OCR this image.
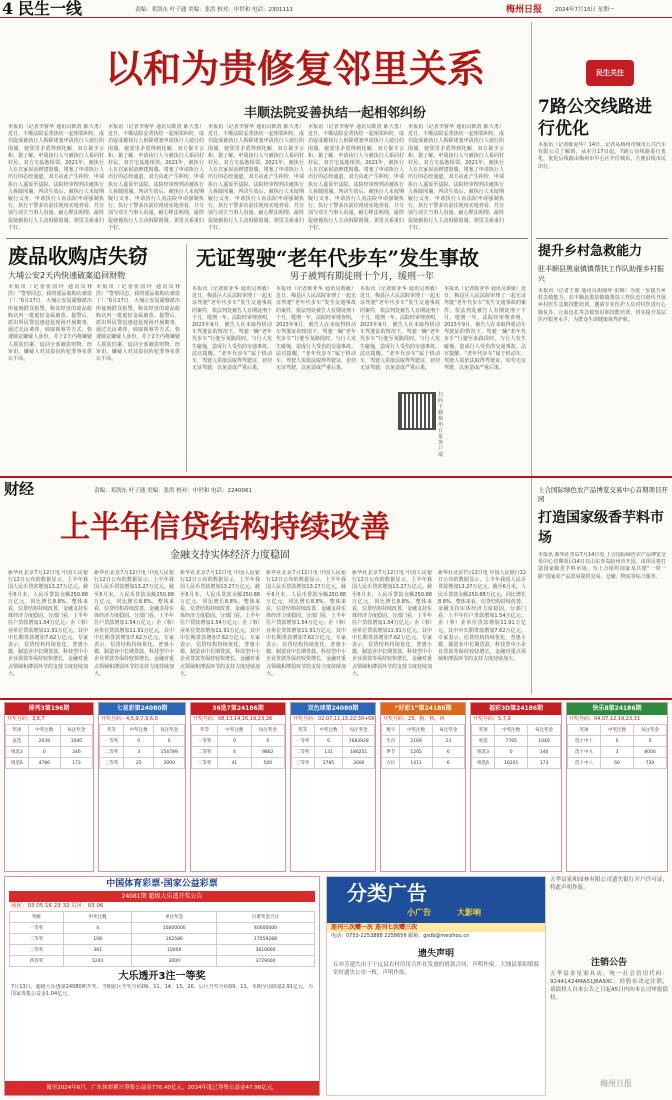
4 民生一线	责编：邓凯东 叶子通 美编：张洪 校对：申世和 电话：2301111	梅州日报 2024年7月15日 星期一
以和为贵修复邻里关系
丰顺法院妥善执结一起相邻纠纷
本报讯（记者李睿华 通讯员欧清 陈大勇）近日，丰顺法院妥善执结一起相邻纠纷，成功促成被执行人拆除堵塞申请执行人通行的围墙，使邻里矛盾得到化解，双方握手言和。据了解，申请执行人与被执行人系同村村民，双方宅基地相邻。2021年，被执行人在自家屋前修建围墙，堵塞了申请执行人出行的必经通道，双方由此产生纠纷，申请执行人遂诉至法院。法院经审理判决被执行人拆除围墙。判决生效后，被执行人未按期履行义务，申请执行人向法院申请强制执行。执行干警多次前往现场实地查看，并分别与双方当事人沟通，耐心释法明理，最终促使被执行人主动拆除围墙，邻里关系重归于好。
本报讯（记者李睿华 通讯员欧清 陈大勇）近日，丰顺法院妥善执结一起相邻纠纷，成功促成被执行人拆除堵塞申请执行人通行的围墙，使邻里矛盾得到化解，双方握手言和。据了解，申请执行人与被执行人系同村村民，双方宅基地相邻。2021年，被执行人在自家屋前修建围墙，堵塞了申请执行人出行的必经通道，双方由此产生纠纷，申请执行人遂诉至法院。法院经审理判决被执行人拆除围墙。判决生效后，被执行人未按期履行义务，申请执行人向法院申请强制执行。执行干警多次前往现场实地查看，并分别与双方当事人沟通，耐心释法明理，最终促使被执行人主动拆除围墙，邻里关系重归于好。
本报讯（记者李睿华 通讯员欧清 陈大勇）近日，丰顺法院妥善执结一起相邻纠纷，成功促成被执行人拆除堵塞申请执行人通行的围墙，使邻里矛盾得到化解，双方握手言和。据了解，申请执行人与被执行人系同村村民，双方宅基地相邻。2021年，被执行人在自家屋前修建围墙，堵塞了申请执行人出行的必经通道，双方由此产生纠纷，申请执行人遂诉至法院。法院经审理判决被执行人拆除围墙。判决生效后，被执行人未按期履行义务，申请执行人向法院申请强制执行。执行干警多次前往现场实地查看，并分别与双方当事人沟通，耐心释法明理，最终促使被执行人主动拆除围墙，邻里关系重归于好。
本报讯（记者李睿华 通讯员欧清 陈大勇）近日，丰顺法院妥善执结一起相邻纠纷，成功促成被执行人拆除堵塞申请执行人通行的围墙，使邻里矛盾得到化解，双方握手言和。据了解，申请执行人与被执行人系同村村民，双方宅基地相邻。2021年，被执行人在自家屋前修建围墙，堵塞了申请执行人出行的必经通道，双方由此产生纠纷，申请执行人遂诉至法院。法院经审理判决被执行人拆除围墙。判决生效后，被执行人未按期履行义务，申请执行人向法院申请强制执行。执行干警多次前往现场实地查看，并分别与双方当事人沟通，耐心释法明理，最终促使被执行人主动拆除围墙，邻里关系重归于好。
本报讯（记者李睿华 通讯员欧清 陈大勇）近日，丰顺法院妥善执结一起相邻纠纷，成功促成被执行人拆除堵塞申请执行人通行的围墙，使邻里矛盾得到化解，双方握手言和。据了解，申请执行人与被执行人系同村村民，双方宅基地相邻。2021年，被执行人在自家屋前修建围墙，堵塞了申请执行人出行的必经通道，双方由此产生纠纷，申请执行人遂诉至法院。法院经审理判决被执行人拆除围墙。判决生效后，被执行人未按期履行义务，申请执行人向法院申请强制执行。执行干警多次前往现场实地查看，并分别与双方当事人沟通，耐心释法明理，最终促使被执行人主动拆除围墙，邻里关系重归于好。
民生关注
7路公交线路进行优化
本报讯（记者陈夏华）14日，记者从梅州市城市公共汽车有限公司了解到，从本月17日起，7路公交线路进行优化，优化后线路由梅州市中心区开往城东，方便沿线市民出行。
废品收购店失窃
大埔公安2天内快速破案追回财物
本报讯（记者张国玲 通讯员林浩）“警察同志，我的废品收购店被盗了！”6月27日，大埔公安局湖寮派出所接到群众报警，称其经营的废品收购店内一批废旧金属被盗。接警后，派出所民警迅速赶赴现场开展勘查，通过走访调查、调取视频等方式，快速锁定嫌疑人身份，并于2天内将嫌疑人抓获归案，追回全部被盗财物。经审讯，嫌疑人对其盗窃的犯罪事实供认不讳。
本报讯（记者张国玲 通讯员林浩）“警察同志，我的废品收购店被盗了！”6月27日，大埔公安局湖寮派出所接到群众报警，称其经营的废品收购店内一批废旧金属被盗。接警后，派出所民警迅速赶赴现场开展勘查，通过走访调查、调取视频等方式，快速锁定嫌疑人身份，并于2天内将嫌疑人抓获归案，追回全部被盗财物。经审讯，嫌疑人对其盗窃的犯罪事实供认不讳。
无证驾驶“老年代步车”发生事故
男子被判有期徒刑十个月，缓刑一年
本报讯（记者陈亚华 通讯员黄敏）近日，梅县区人民法院审理了一起无证驾驶“老年代步车”发生交通事故的案件，依法判处被告人有期徒刑十个月，缓刑一年。法院经审理查明，2023年9月，被告人在未取得机动车驾驶证的情况下，驾驶一辆“老年代步车”行驶至某路段时，与行人发生碰撞，造成行人受伤的交通事故。法官提醒，“老年代步车”属于机动车，驾驶人需依法取得驾驶证，切勿无证驾驶，以免造成严重后果。
本报讯（记者陈亚华 通讯员黄敏）近日，梅县区人民法院审理了一起无证驾驶“老年代步车”发生交通事故的案件，依法判处被告人有期徒刑十个月，缓刑一年。法院经审理查明，2023年9月，被告人在未取得机动车驾驶证的情况下，驾驶一辆“老年代步车”行驶至某路段时，与行人发生碰撞，造成行人受伤的交通事故。法官提醒，“老年代步车”属于机动车，驾驶人需依法取得驾驶证，切勿无证驾驶，以免造成严重后果。
本报讯（记者陈亚华 通讯员黄敏）近日，梅县区人民法院审理了一起无证驾驶“老年代步车”发生交通事故的案件，依法判处被告人有期徒刑十个月，缓刑一年。法院经审理查明，2023年9月，被告人在未取得机动车驾驶证的情况下，驾驶一辆“老年代步车”行驶至某路段时，与行人发生碰撞，造成行人受伤的交通事故。法官提醒，“老年代步车”属于机动车，驾驶人需依法取得驾驶证，切勿无证驾驶，以免造成严重后果。
本报讯（记者陈亚华 通讯员黄敏）近日，梅县区人民法院审理了一起无证驾驶“老年代步车”发生交通事故的案件，依法判处被告人有期徒刑十个月，缓刑一年。法院经审理查明，2023年9月，被告人在未取得机动车驾驶证的情况下，驾驶一辆“老年代步车”行驶至某路段时，与行人发生碰撞，造成行人受伤的交通事故。法官提醒，“老年代步车”属于机动车，驾驶人需依法取得驾驶证，切勿无证驾驶，以免造成严重后果。
扫码下载梅州日报客户端
提升乡村急救能力
驻丰顺县黑泉镇镇帮扶工作队助推乡村振兴
本报讯（记者王俊 通讯员胡丽萍 张梅）为进一步提升乡村急救能力，驻丰顺县黑泉镇镇帮扶工作队近日组织开展乡村医生急救技能培训，邀请专业医护人员对村医进行心肺复苏、止血包扎等急救知识和技能培训，切实提升基层医疗服务水平，为群众生命健康保驾护航。
财经	责编：邓凯东 叶子通 美编：张洪 校对：申世和 电话：2240061
上半年信贷结构持续改善
金融支持实体经济力度稳固
新华社北京7月12日电 中国人民银行12日公布的数据显示，上半年我国人民币贷款增加13.27万亿元。截至6月末，人民币贷款余额250.88万亿元，同比增长8.8%。整体来看，信贷结构持续改善，金融支持实体经济力度稳固。分部门看，上半年住户贷款增加1.54万亿元；企（事）业单位贷款增加11.91万亿元，其中中长期贷款增加7.62万亿元。专家表示，信贷结构持续优化，普惠小微、制造业中长期贷款、科技型中小企业贷款等保持较快增长，金融对重点领域和薄弱环节的支持力度持续加大。
新华社北京7月12日电 中国人民银行12日公布的数据显示，上半年我国人民币贷款增加13.27万亿元。截至6月末，人民币贷款余额250.88万亿元，同比增长8.8%。整体来看，信贷结构持续改善，金融支持实体经济力度稳固。分部门看，上半年住户贷款增加1.54万亿元；企（事）业单位贷款增加11.91万亿元，其中中长期贷款增加7.62万亿元。专家表示，信贷结构持续优化，普惠小微、制造业中长期贷款、科技型中小企业贷款等保持较快增长，金融对重点领域和薄弱环节的支持力度持续加大。
新华社北京7月12日电 中国人民银行12日公布的数据显示，上半年我国人民币贷款增加13.27万亿元。截至6月末，人民币贷款余额250.88万亿元，同比增长8.8%。整体来看，信贷结构持续改善，金融支持实体经济力度稳固。分部门看，上半年住户贷款增加1.54万亿元；企（事）业单位贷款增加11.91万亿元，其中中长期贷款增加7.62万亿元。专家表示，信贷结构持续优化，普惠小微、制造业中长期贷款、科技型中小企业贷款等保持较快增长，金融对重点领域和薄弱环节的支持力度持续加大。
新华社北京7月12日电 中国人民银行12日公布的数据显示，上半年我国人民币贷款增加13.27万亿元。截至6月末，人民币贷款余额250.88万亿元，同比增长8.8%。整体来看，信贷结构持续改善，金融支持实体经济力度稳固。分部门看，上半年住户贷款增加1.54万亿元；企（事）业单位贷款增加11.91万亿元，其中中长期贷款增加7.62万亿元。专家表示，信贷结构持续优化，普惠小微、制造业中长期贷款、科技型中小企业贷款等保持较快增长，金融对重点领域和薄弱环节的支持力度持续加大。
新华社北京7月12日电 中国人民银行12日公布的数据显示，上半年我国人民币贷款增加13.27万亿元。截至6月末，人民币贷款余额250.88万亿元，同比增长8.8%。整体来看，信贷结构持续改善，金融支持实体经济力度稳固。分部门看，上半年住户贷款增加1.54万亿元；企（事）业单位贷款增加11.91万亿元，其中中长期贷款增加7.62万亿元。专家表示，信贷结构持续优化，普惠小微、制造业中长期贷款、科技型中小企业贷款等保持较快增长，金融对重点领域和薄弱环节的支持力度持续加大。
新华社北京7月12日电 中国人民银行12日公布的数据显示，上半年我国人民币贷款增加13.27万亿元。截至6月末，人民币贷款余额250.88万亿元，同比增长8.8%。整体来看，信贷结构持续改善，金融支持实体经济力度稳固。分部门看，上半年住户贷款增加1.54万亿元；企（事）业单位贷款增加11.91万亿元，其中中长期贷款增加7.62万亿元。专家表示，信贷结构持续优化，普惠小微、制造业中长期贷款、科技型中小企业贷款等保持较快增长，金融对重点领域和薄弱环节的支持力度持续加大。
上合国际绿色农产品博览交易中心首期项目开园
打造国家级香芋料市场
本报讯 新华社青岛7月14日电 上合国际绿色农产品博览交易中心首期项目14日在山东青岛胶州市开园。该项目将打造国家级香芋料市场，为上合组织国家及共建“一带一路”国家农产品贸易提供交易、仓储、物流等综合服务。
排列3第196期
开奖号码：3,6,7
奖项	中奖注数	每注奖金
直选	2039	1040
组选3	0	346
组选6	4786	173
七星彩第24080期
开奖号码：4,5,9,7,9,6,0
奖等	中奖注数	每注奖金
一等奖	0	0
二等奖	3	156789
三等奖	25	3000
36选7第24186期
开奖号码：08,13,14,16,19,23,28
奖等	中奖注数	每注奖金
一等奖	0	0
二等奖	4	9862
三等奖	41	500
双色球第24080期
开奖号码：02,07,11,15,22,30+06
奖等	中奖注数	每注奖金
一等奖	6	7683928
二等奖	131	186251
三等奖	1785	3000
“好彩1”第24186期
开奖号码：23、狗、秋、西
数字	中奖注数	每注奖金
生肖	2169	23
季节	1205	6
方位	1411	6
福彩3D第24186期
开奖号码：5,7,9
奖项	中奖注数	每注奖金
单选	7765	1040
组选3	0	346
组选6	16201	173
快乐8第24186期
开奖号码：04,07,12,19,23,31
奖项	中奖注数	每注奖金
选十中十	0	0
选十中九	3	8000
选十中八	60	720
中国体育彩票·国家公益彩票
24081期 超级大乐透开奖公告
前区：03 05 16 23 32 后区：03 06
奖级	中奖注数	单注奖金	应派奖金合计
一等奖	4	10000000	40000000
二等奖	108	162586	17559288
三等奖	361	10000	3610000
四等奖	1243	3000	3729000
大乐透开3注一等奖
7月13日，超级大乐透第24080期开奖。当期前区开奖号码09、11、14、15、26，后区开奖号码09、11。本期全国销量2.91亿元，为国家筹集公益金1.04亿元。
截至2024年6月，广东体彩累计筹集公益金776.40亿元，2024年度已筹集公益金47.96亿元。
分类广告
小广告	大影响
连刊三次赠一次 连刊七次赠三次
电话：0753-2253888 2258656 邮箱：gsdb@meizhou.cn
遗失声明
丘亦芳遗失由于于远县农村信用合作社发放的借款合同，声明作废。大埔县茶阳镇海堂村遗失公章一枚，声明作废。
五华县家和园林有限公司遗失银行开户许可证，特此声明作废。
注销公告
五华县金星家具店，统一社会信用代码：92441424MA51J8A9XC，经股东决定注销，请债权人自本公告之日起45日内向本公司申报债权。
梅州日报
